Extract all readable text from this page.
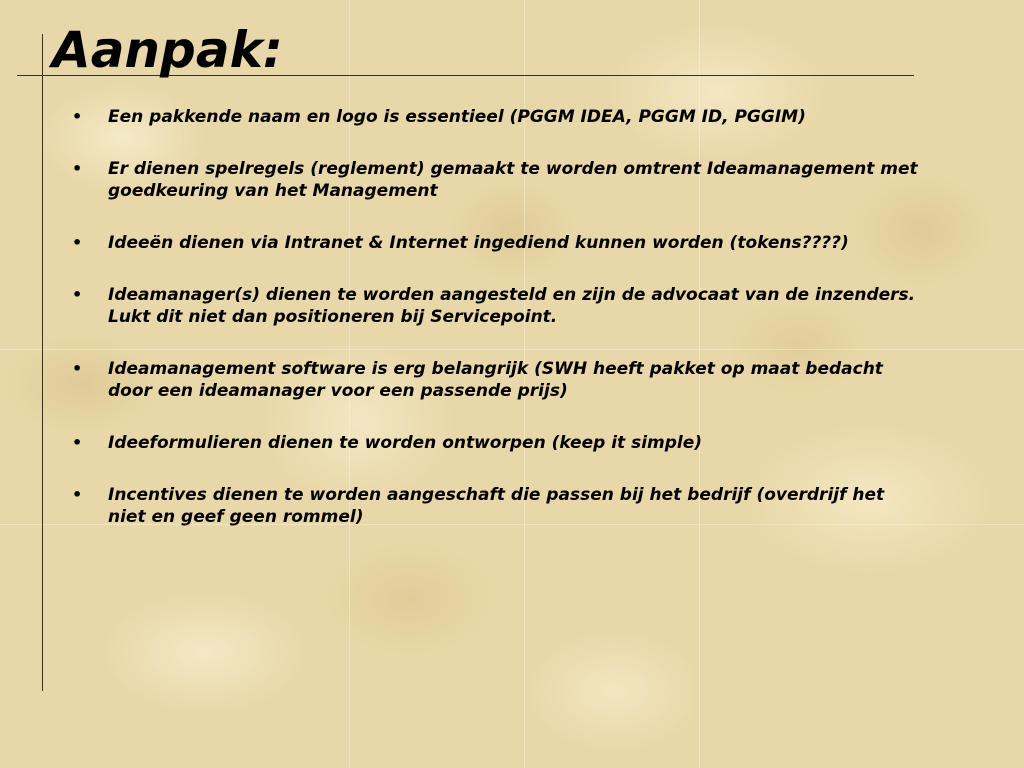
Aanpak:
•	Een pakkende naam en logo is essentieel (PGGM IDEA, PGGM ID, PGGIM)
•	Er dienen spelregels (reglement) gemaakt te worden omtrent Ideamanagement met goedkeuring van het Management
•	Ideeën dienen via Intranet & Internet ingediend kunnen worden (tokens????)
•	Ideamanager(s) dienen te worden aangesteld en zijn de advocaat van de inzenders. Lukt dit niet dan positioneren bij Servicepoint.
•	Ideamanagement software is erg belangrijk (SWH heeft pakket op maat bedacht door een ideamanager voor een passende prijs)
•	Ideeformulieren dienen te worden ontworpen (keep it simple)
•	Incentives dienen te worden aangeschaft die passen bij het bedrijf (overdrijf het niet en geef geen rommel)
